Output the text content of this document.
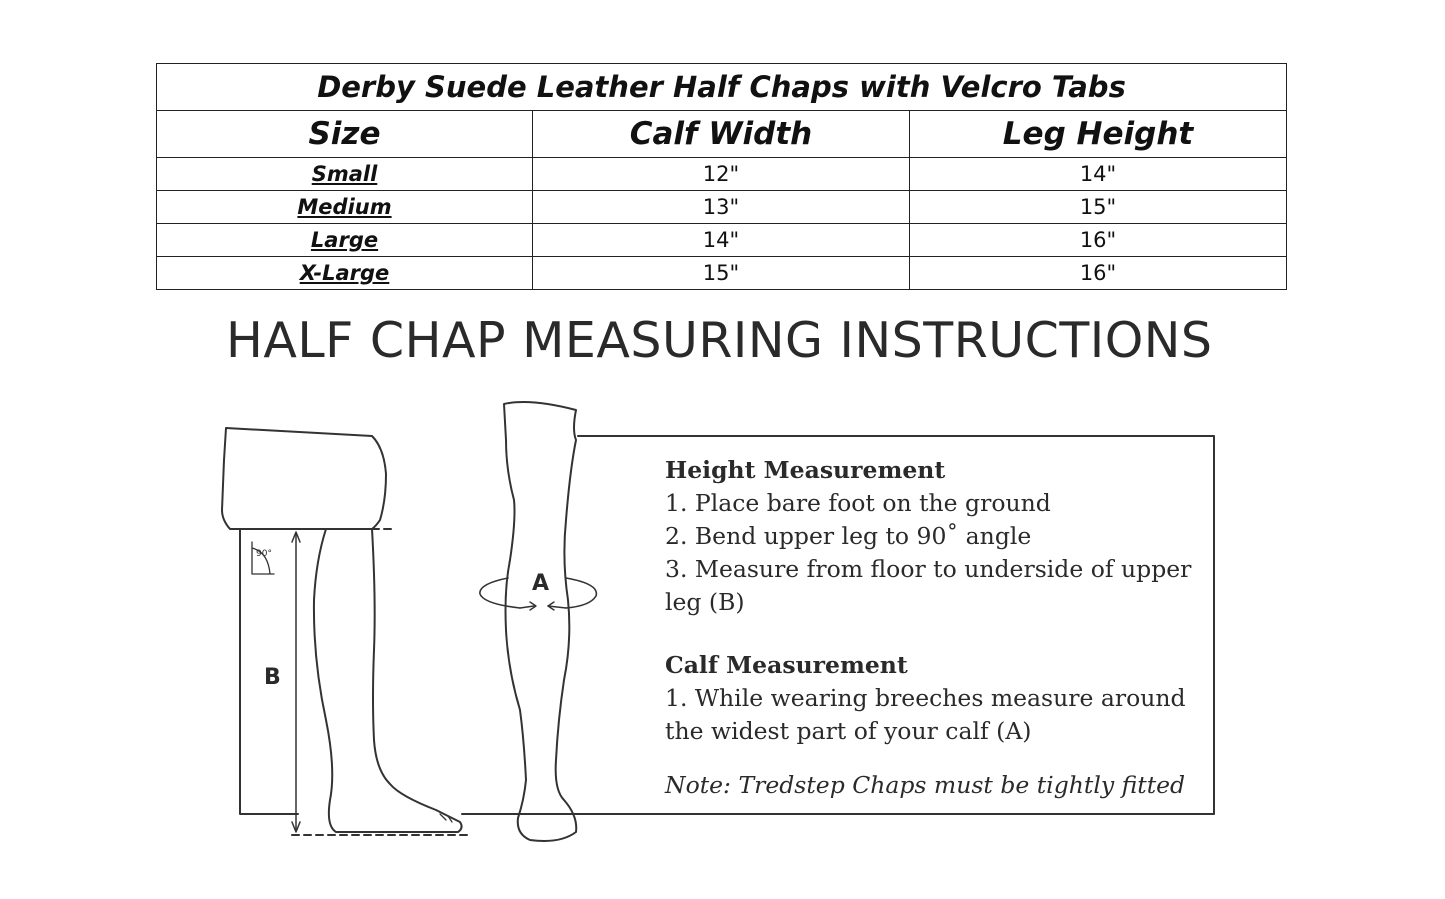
Derby Suede Leather Half Chaps with Velcro Tabs		
Size	Calf Width	Leg Height
Small	12"	14"
Medium	13"	15"
Large	14"	16"
X-Large	15"	16"
HALF CHAP MEASURING INSTRUCTIONS
A
B
90°
Height Measurement
1. Place bare foot on the ground
2. Bend upper leg to 90˚ angle
3. Measure from floor to underside of upper leg (B)
Calf Measurement
1. While wearing breeches measure around the widest part of your calf (A)
Note: Tredstep Chaps must be tightly fitted
